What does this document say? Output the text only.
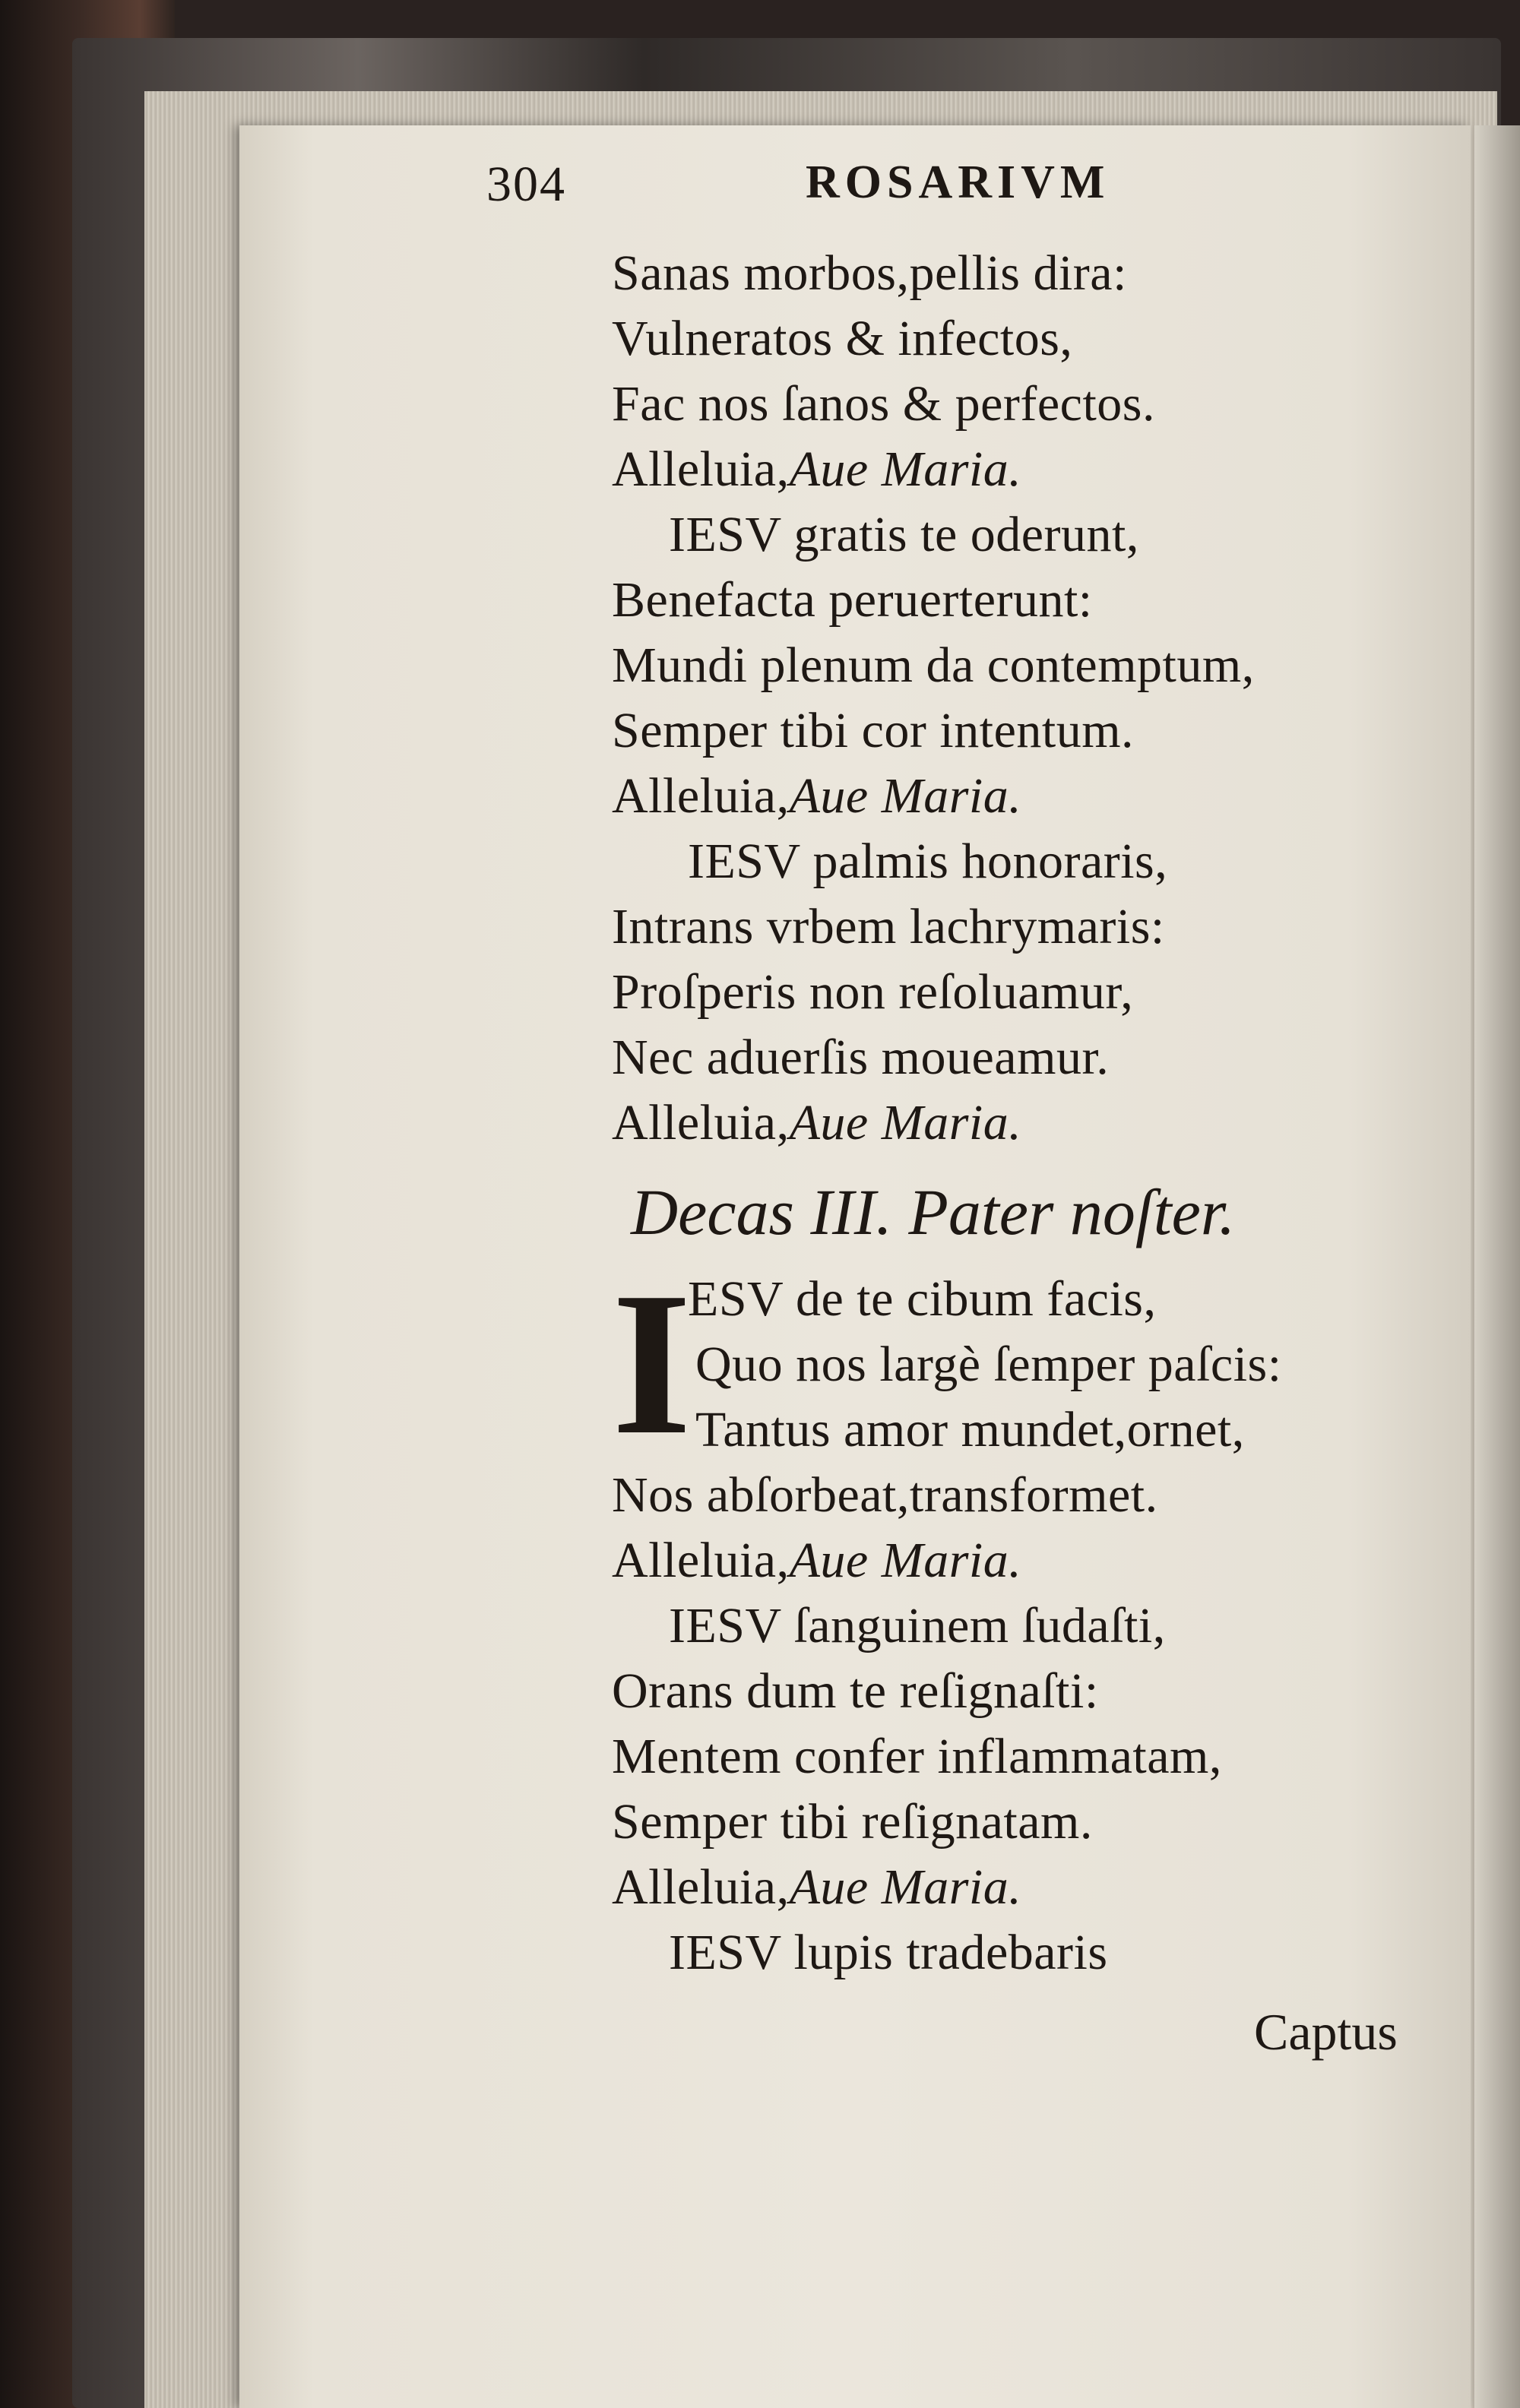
304	ROSARIVM
Sanas morbos,pellis dira:
Vulneratos & infectos,
Fac nos ſanos & perfectos.
Alleluia,Aue Maria.
IESV gratis te oderunt,
Benefacta peruerterunt:
Mundi plenum da contemptum,
Semper tibi cor intentum.
Alleluia,Aue Maria.
IESV palmis honoraris,
Intrans vrbem lachrymaris:
Proſperis non reſoluamur,
Nec aduerſis moueamur.
Alleluia,Aue Maria.
Decas III. Pater noſter.
I
ESV de te cibum facis,
Quo nos largè ſemper paſcis:
Tantus amor mundet,ornet,
Nos abſorbeat,transformet.
Alleluia,Aue Maria.
IESV ſanguinem ſudaſti,
Orans dum te reſignaſti:
Mentem confer inflammatam,
Semper tibi reſignatam.
Alleluia,Aue Maria.
IESV lupis tradebaris
Captus
